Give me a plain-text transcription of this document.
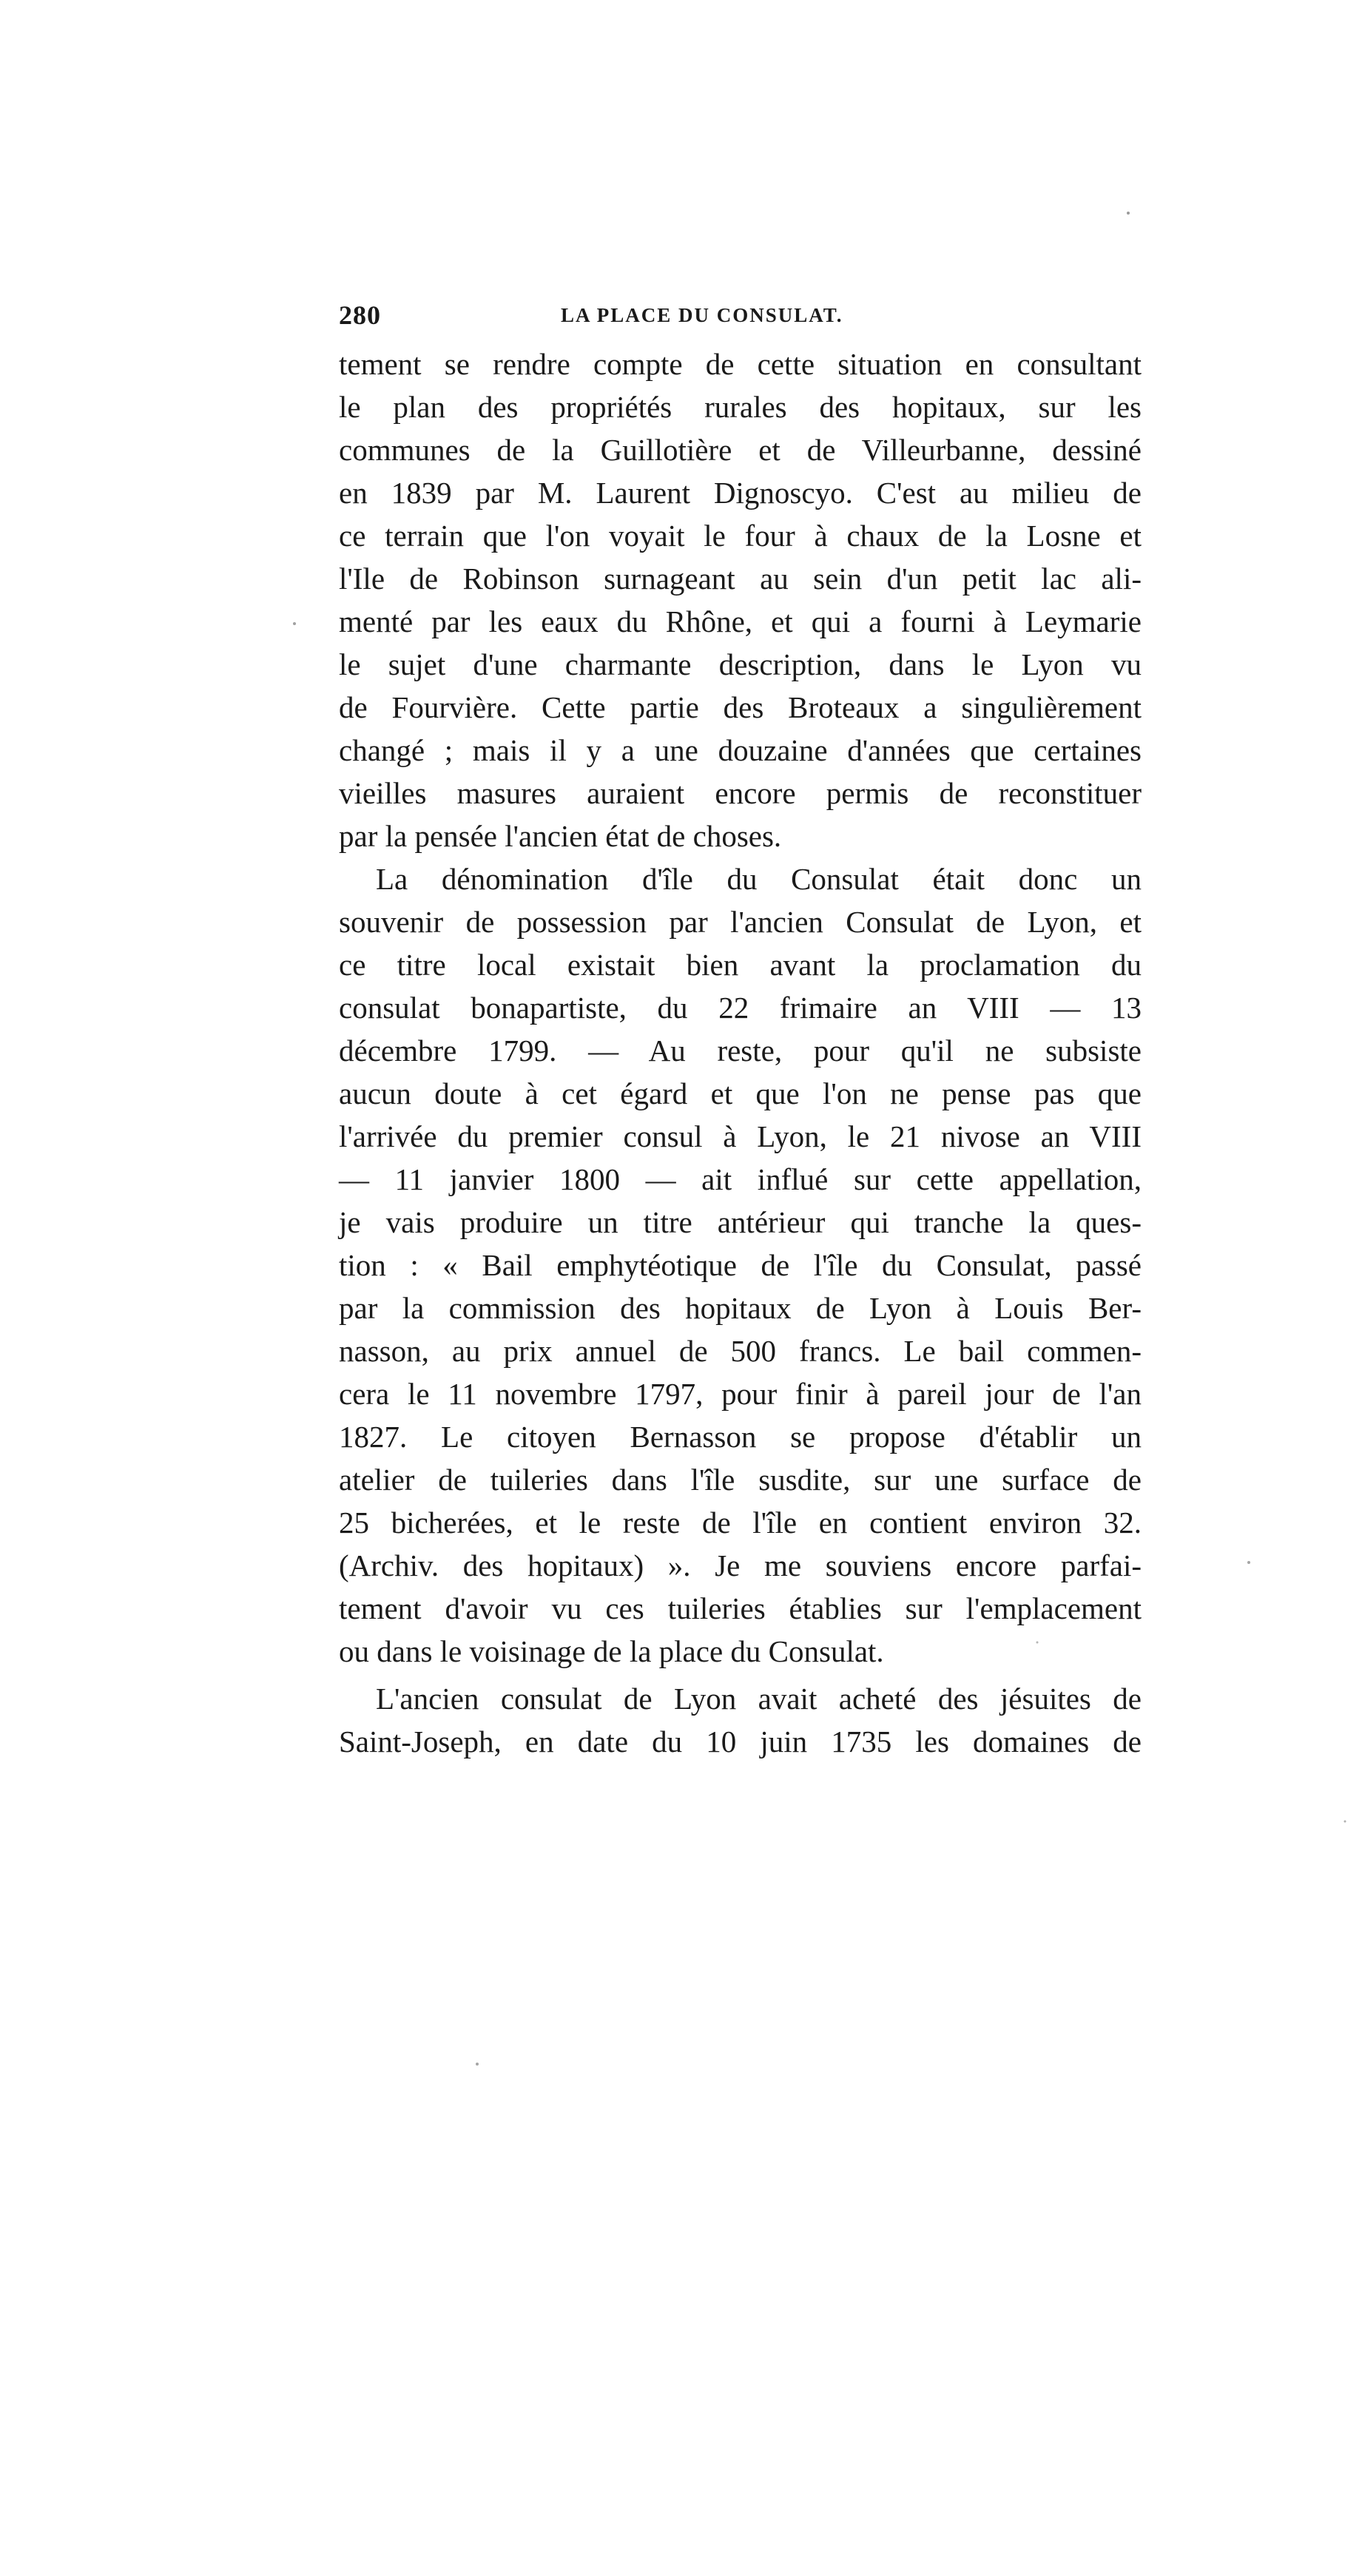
280	LA PLACE DU CONSULAT.
tement se rendre compte de cette situation en consultant
le plan des propriétés rurales des hopitaux, sur les
communes de la Guillotière et de Villeurbanne, dessiné
en 1839 par M. Laurent Dignoscyo. C'est au milieu de
ce terrain que l'on voyait le four à chaux de la Losne et
l'Ile de Robinson surnageant au sein d'un petit lac ali-
menté par les eaux du Rhône, et qui a fourni à Leymarie
le sujet d'une charmante description, dans le Lyon vu
de Fourvière. Cette partie des Broteaux a singulièrement
changé ; mais il y a une douzaine d'années que certaines
vieilles masures auraient encore permis de reconstituer
par la pensée l'ancien état de choses.
La dénomination d'île du Consulat était donc un
souvenir de possession par l'ancien Consulat de Lyon, et
ce titre local existait bien avant la proclamation du
consulat bonapartiste, du 22 frimaire an VIII — 13
décembre 1799. — Au reste, pour qu'il ne subsiste
aucun doute à cet égard et que l'on ne pense pas que
l'arrivée du premier consul à Lyon, le 21 nivose an VIII
— 11 janvier 1800 — ait influé sur cette appellation,
je vais produire un titre antérieur qui tranche la ques-
tion : « Bail emphytéotique de l'île du Consulat, passé
par la commission des hopitaux de Lyon à Louis Ber-
nasson, au prix annuel de 500 francs. Le bail commen-
cera le 11 novembre 1797, pour finir à pareil jour de l'an
1827. Le citoyen Bernasson se propose d'établir un
atelier de tuileries dans l'île susdite, sur une surface de
25 bicherées, et le reste de l'île en contient environ 32.
(Archiv. des hopitaux) ». Je me souviens encore parfai-
tement d'avoir vu ces tuileries établies sur l'emplacement
ou dans le voisinage de la place du Consulat.
L'ancien consulat de Lyon avait acheté des jésuites de
Saint-Joseph, en date du 10 juin 1735 les domaines de
